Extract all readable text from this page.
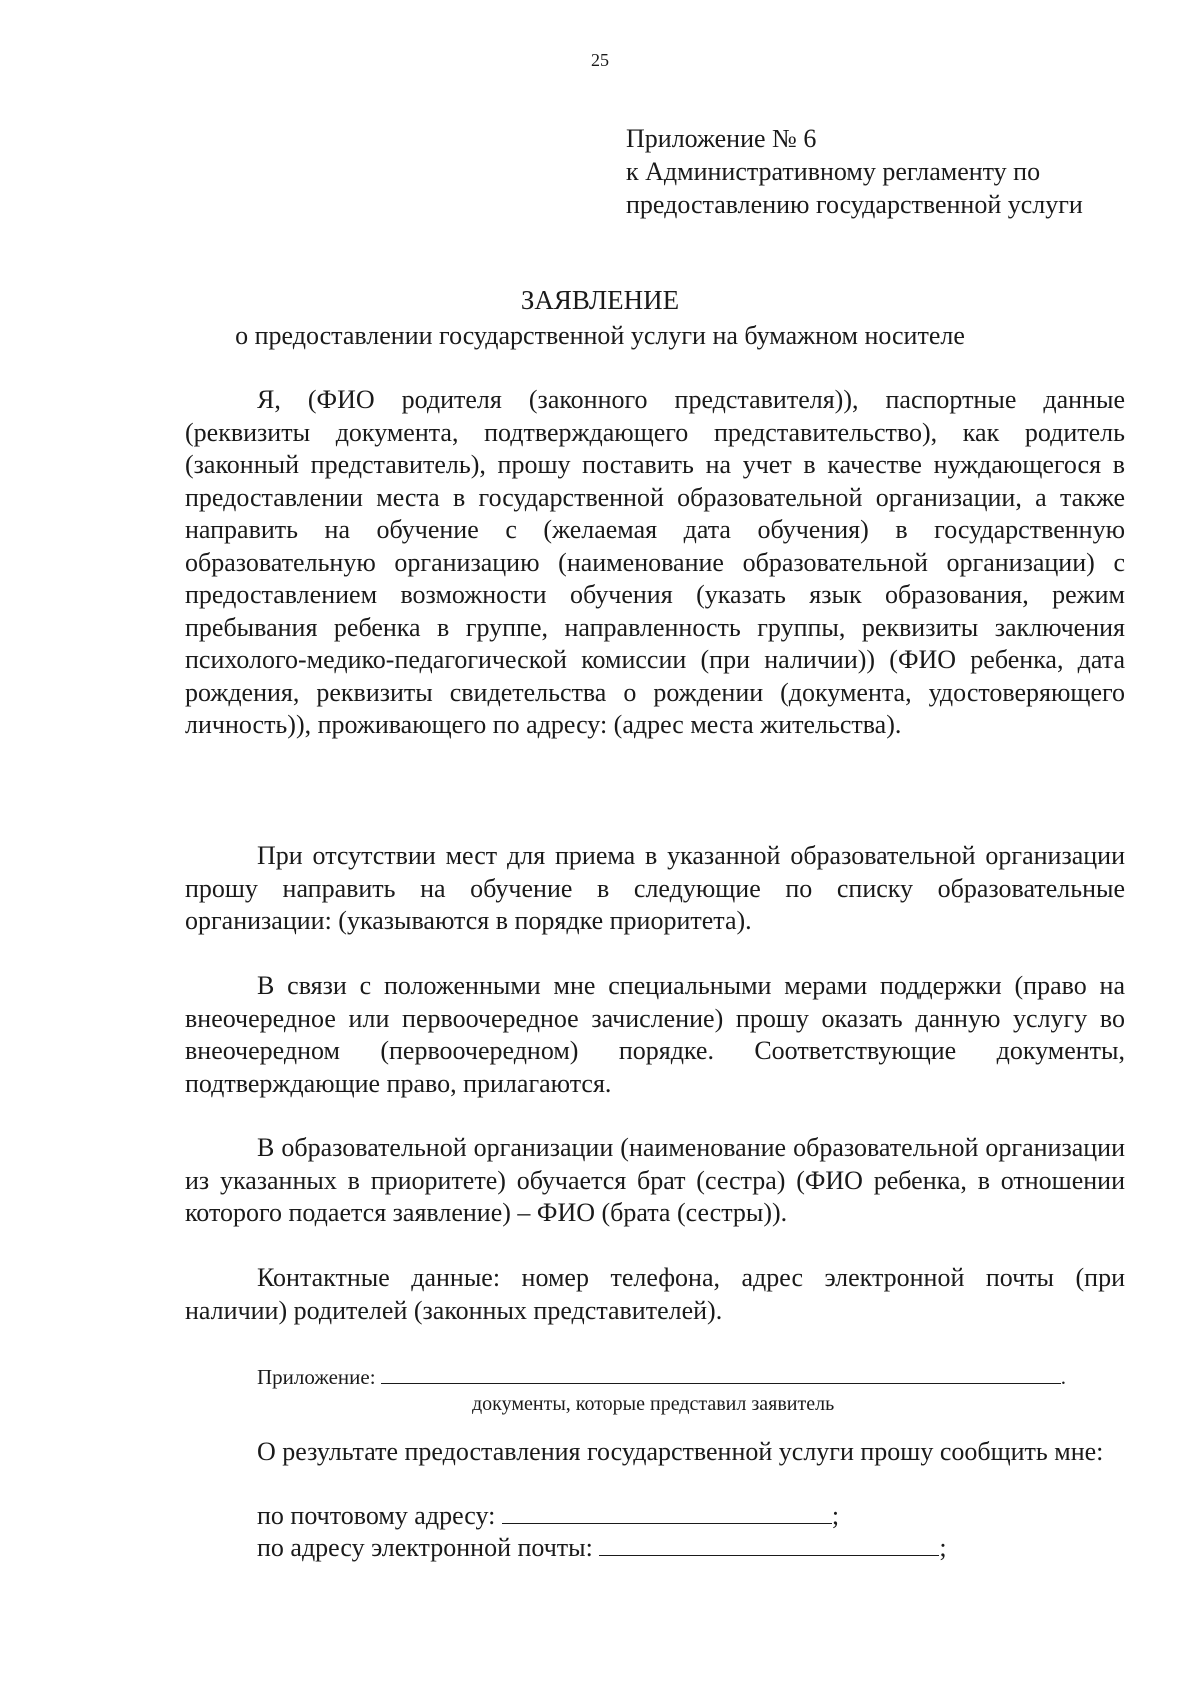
25
Приложение № 6
к Административному регламенту по
предоставлению государственной услуги
ЗАЯВЛЕНИЕ
о предоставлении государственной услуги на бумажном носителе
Я, (ФИО родителя (законного представителя)), паспортные данные (реквизиты документа, подтверждающего представительство), как родитель (законный представитель), прошу поставить на учет в качестве нуждающегося в предоставлении места в государственной образовательной организации, а также направить на обучение с (желаемая дата обучения) в государственную образовательную организацию (наименование образовательной организации) с предоставлением возможности обучения (указать язык образования, режим пребывания ребенка в группе, направленность группы, реквизиты заключения психолого-медико-педагогической комиссии (при наличии)) (ФИО ребенка, дата рождения, реквизиты свидетельства о рождении (документа, удостоверяющего личность)), проживающего по адресу: (адрес места жительства).
При отсутствии мест для приема в указанной образовательной организации прошу направить на обучение в следующие по списку образовательные организации: (указываются в порядке приоритета).
В связи с положенными мне специальными мерами поддержки (право на внеочередное или первоочередное зачисление) прошу оказать данную услугу во внеочередном (первоочередном) порядке. Соответствующие документы, подтверждающие право, прилагаются.
В образовательной организации (наименование образовательной организации из указанных в приоритете) обучается брат (сестра) (ФИО ребенка, в отношении которого подается заявление) – ФИО (брата (сестры)).
Контактные данные: номер телефона, адрес электронной почты (при наличии) родителей (законных представителей).
Приложение:	.
документы, которые представил заявитель
О результате предоставления государственной услуги прошу сообщить мне:
по почтовому адресу:	;
по адресу электронной почты:	;
